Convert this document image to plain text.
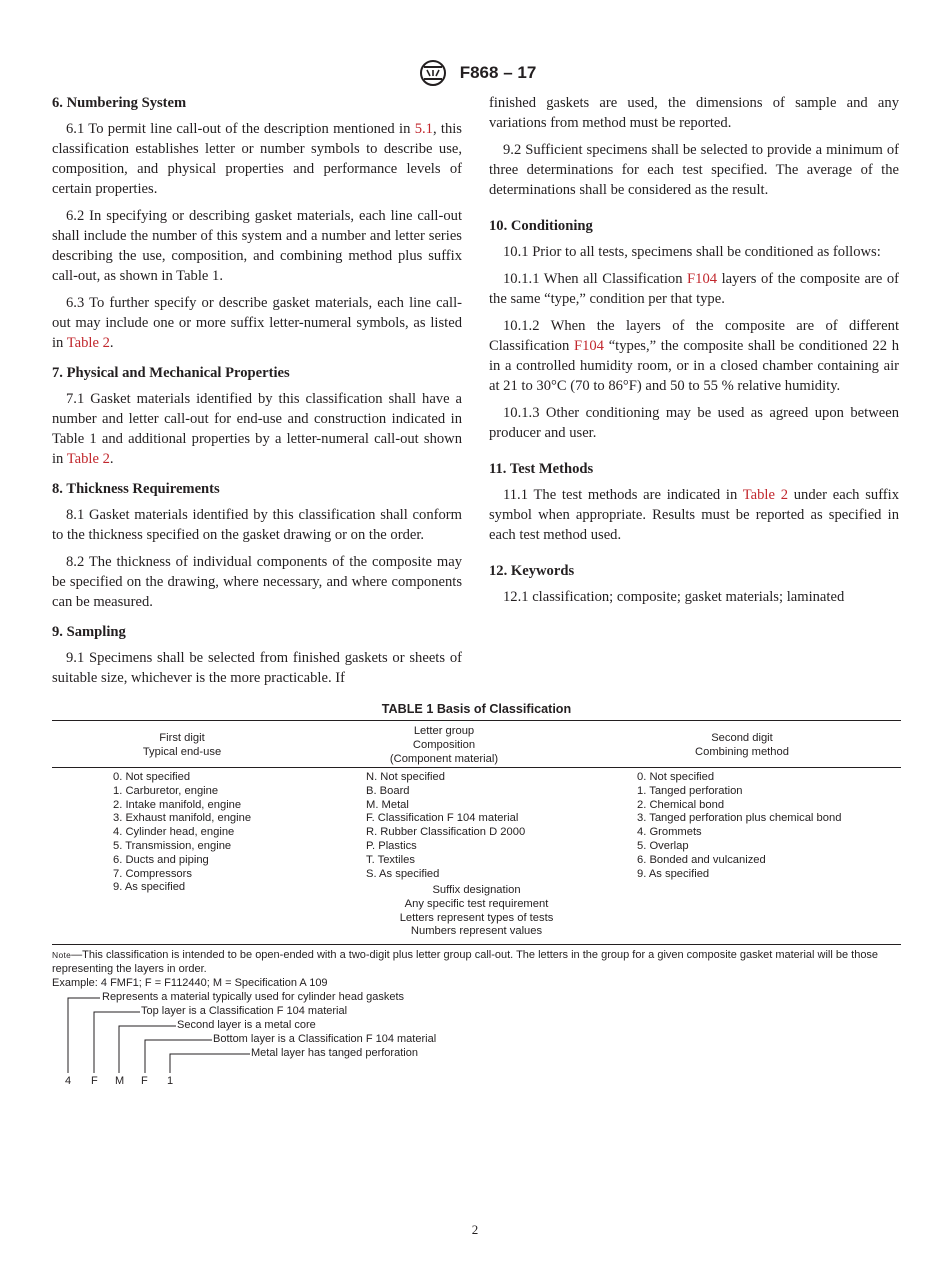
F868 – 17
6. Numbering System

6.1 To permit line call-out of the description mentioned in 5.1, this classification establishes letter or number symbols to describe use, composition, and physical properties and performance levels of certain properties.

6.2 In specifying or describing gasket materials, each line call-out shall include the number of this system and a number and letter series describing the use, composition, and combining method plus suffix call-out, as shown in Table 1.

6.3 To further specify or describe gasket materials, each line call-out may include one or more suffix letter-numeral symbols, as listed in Table 2.

7. Physical and Mechanical Properties

7.1 Gasket materials identified by this classification shall have a number and letter call-out for end-use and construction indicated in Table 1 and additional properties by a letter-numeral call-out shown in Table 2.

8. Thickness Requirements

8.1 Gasket materials identified by this classification shall conform to the thickness specified on the gasket drawing or on the order.

8.2 The thickness of individual components of the composite may be specified on the drawing, where necessary, and where components can be measured.

9. Sampling

9.1 Specimens shall be selected from finished gaskets or sheets of suitable size, whichever is the more practicable. If

finished gaskets are used, the dimensions of sample and any variations from method must be reported.

9.2 Sufficient specimens shall be selected to provide a minimum of three determinations for each test specified. The average of the determinations shall be considered as the result.

10. Conditioning

10.1 Prior to all tests, specimens shall be conditioned as follows:

10.1.1 When all Classification F104 layers of the composite are of the same “type,” condition per that type.

10.1.2 When the layers of the composite are of different Classification F104 “types,” the composite shall be conditioned 22 h in a controlled humidity room, or in a closed chamber containing air at 21 to 30°C (70 to 86°F) and 50 to 55 % relative humidity.

10.1.3 Other conditioning may be used as agreed upon between producer and user.

11. Test Methods

11.1 The test methods are indicated in Table 2 under each suffix symbol when appropriate. Results must be reported as specified in each test method used.

12. Keywords

12.1 classification; composite; gasket materials; laminated

TABLE 1 Basis of Classification
First digit
Typical end-use
Letter group
Composition
(Component material)
Second digit
Combining method
0. Not specified
1. Carburetor, engine
2. Intake manifold, engine
3. Exhaust manifold, engine
4. Cylinder head, engine
5. Transmission, engine
6. Ducts and piping
7. Compressors
9. As specified
N. Not specified
B. Board
M. Metal
F. Classification F 104 material
R. Rubber Classification D 2000
P. Plastics
T. Textiles
S. As specified
0. Not specified
1. Tanged perforation
2. Chemical bond
3. Tanged perforation plus chemical bond
4. Grommets
5. Overlap
6. Bonded and vulcanized
9. As specified
Suffix designation
Any specific test requirement
Letters represent types of tests
Numbers represent values
Note—This classification is intended to be open-ended with a two-digit plus letter group call-out. The letters in the group for a given composite gasket material will be those representing the layers in order.
Example: 4 FMF1; F = F112440; M = Specification A 109
Represents a material typically used for cylinder head gaskets
Top layer is a Classification F 104 material
Second layer is a metal core
Bottom layer is a Classification F 104 material
Metal layer has tanged perforation
4 F M F 1
2
